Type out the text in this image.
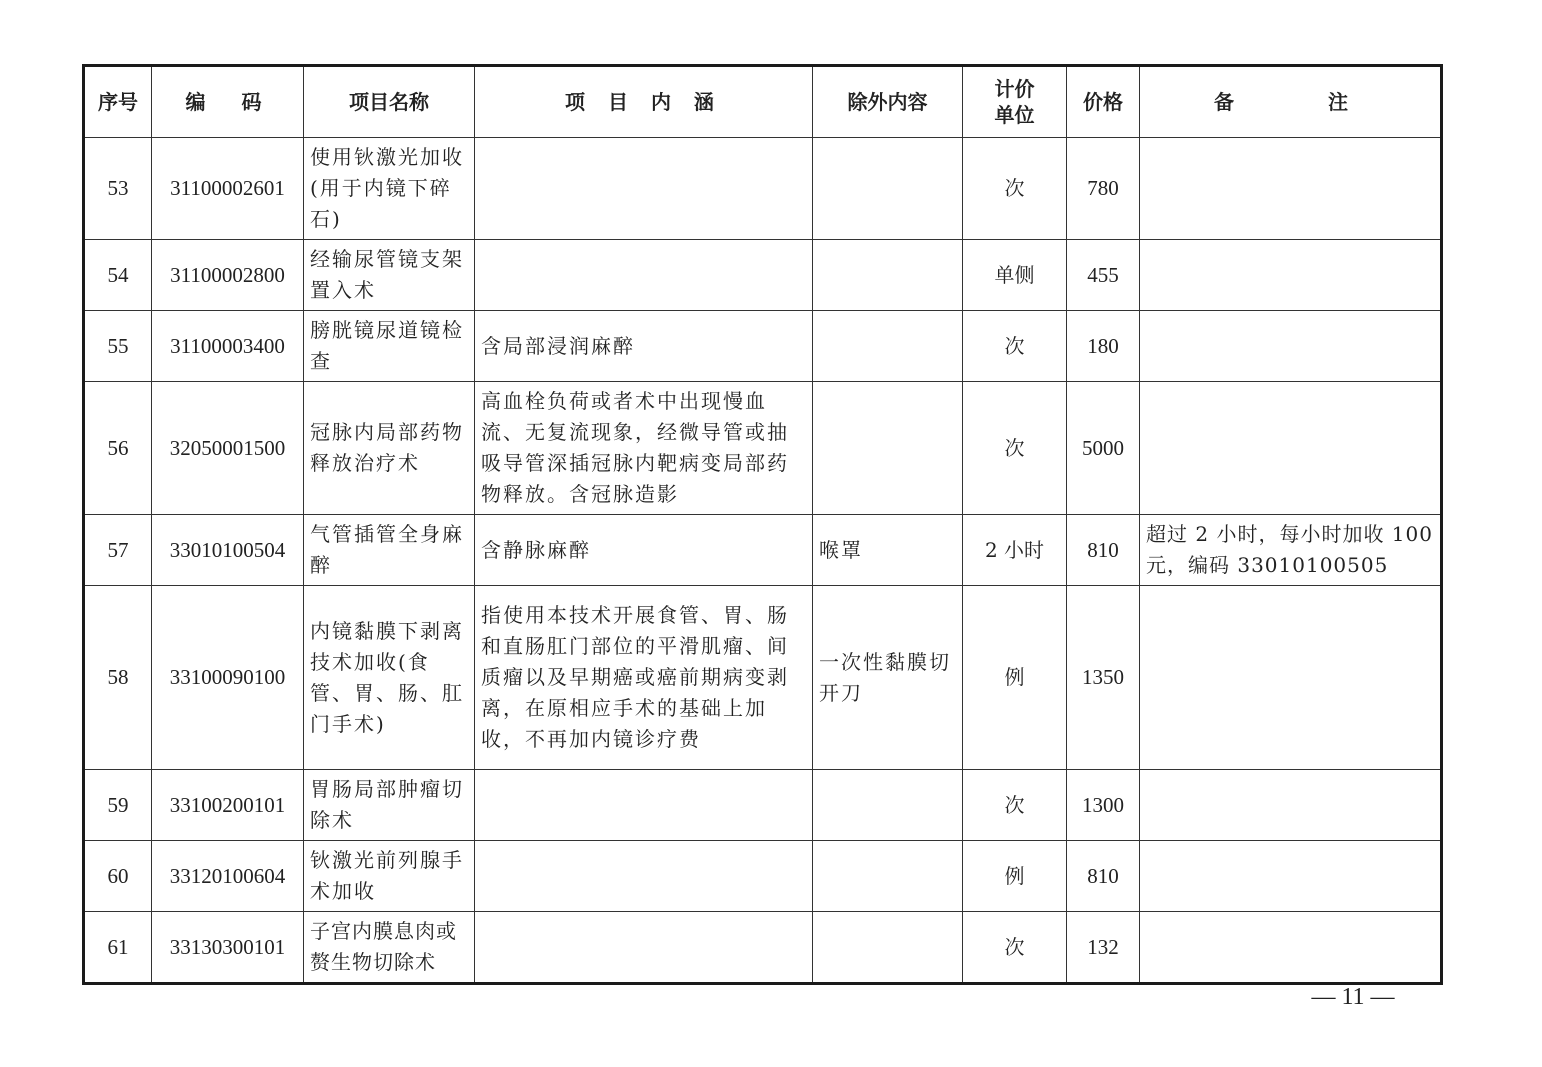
序号	编　码	项目名称	项 目 内 涵	除外内容	计价单位	价格	备　　注
53	31100002601	使用钬激光加收(用于内镜下碎石)			次	780	
54	31100002800	经输尿管镜支架置入术			单侧	455	
55	31100003400	膀胱镜尿道镜检查	含局部浸润麻醉		次	180	
56	32050001500	冠脉内局部药物释放治疗术	高血栓负荷或者术中出现慢血流、无复流现象，经微导管或抽吸导管深插冠脉内靶病变局部药物释放。含冠脉造影		次	5000	
57	33010100504	气管插管全身麻醉	含静脉麻醉	喉罩	2 小时	810	超过 2 小时，每小时加收 100 元，编码 33010100505
58	33100090100	内镜黏膜下剥离技术加收(食管、胃、肠、肛门手术)	指使用本技术开展食管、胃、肠和直肠肛门部位的平滑肌瘤、间质瘤以及早期癌或癌前期病变剥离，在原相应手术的基础上加收，不再加内镜诊疗费	一次性黏膜切开刀	例	1350	
59	33100200101	胃肠局部肿瘤切除术			次	1300	
60	33120100604	钬激光前列腺手术加收			例	810	
61	33130300101	子宫内膜息肉或赘生物切除术			次	132	
— 11 —
